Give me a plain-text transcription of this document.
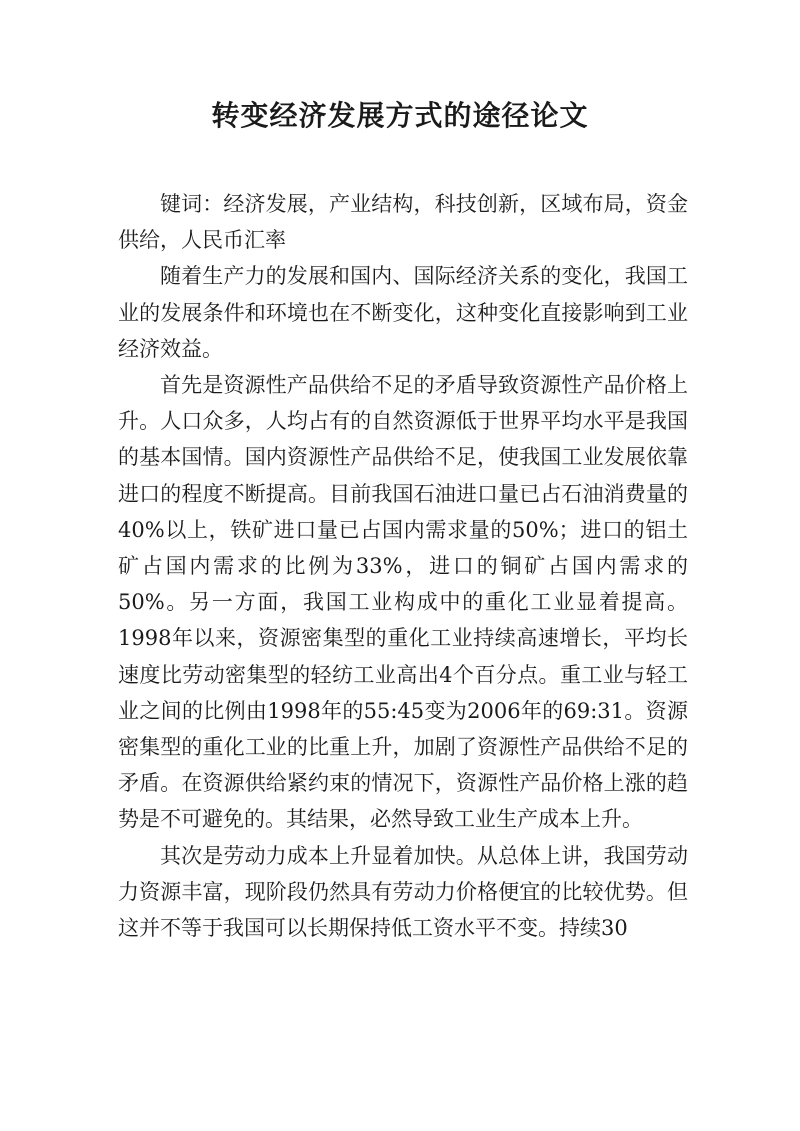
转变经济发展方式的途径论文

键词：经济发展，产业结构，科技创新，区域布局，资金供给，人民币汇率

随着生产力的发展和国内、国际经济关系的变化，我国工业的发展条件和环境也在不断变化，这种变化直接影响到工业经济效益。

首先是资源性产品供给不足的矛盾导致资源性产品价格上升。人口众多，人均占有的自然资源低于世界平均水平是我国的基本国情。国内资源性产品供给不足，使我国工业发展依靠进口的程度不断提高。目前我国石油进口量已占石油消费量的40%以上，铁矿进口量已占国内需求量的50%；进口的铝土矿占国内需求的比例为33%，进口的铜矿占国内需求的50%。另一方面，我国工业构成中的重化工业显着提高。1998年以来，资源密集型的重化工业持续高速增长，平均长速度比劳动密集型的轻纺工业高出4个百分点。重工业与轻工业之间的比例由1998年的55:45变为2006年的69:31。资源密集型的重化工业的比重上升，加剧了资源性产品供给不足的矛盾。在资源供给紧约束的情况下，资源性产品价格上涨的趋势是不可避免的。其结果，必然导致工业生产成本上升。

其次是劳动力成本上升显着加快。从总体上讲，我国劳动力资源丰富，现阶段仍然具有劳动力价格便宜的比较优势。但这并不等于我国可以长期保持低工资水平不变。持续30
